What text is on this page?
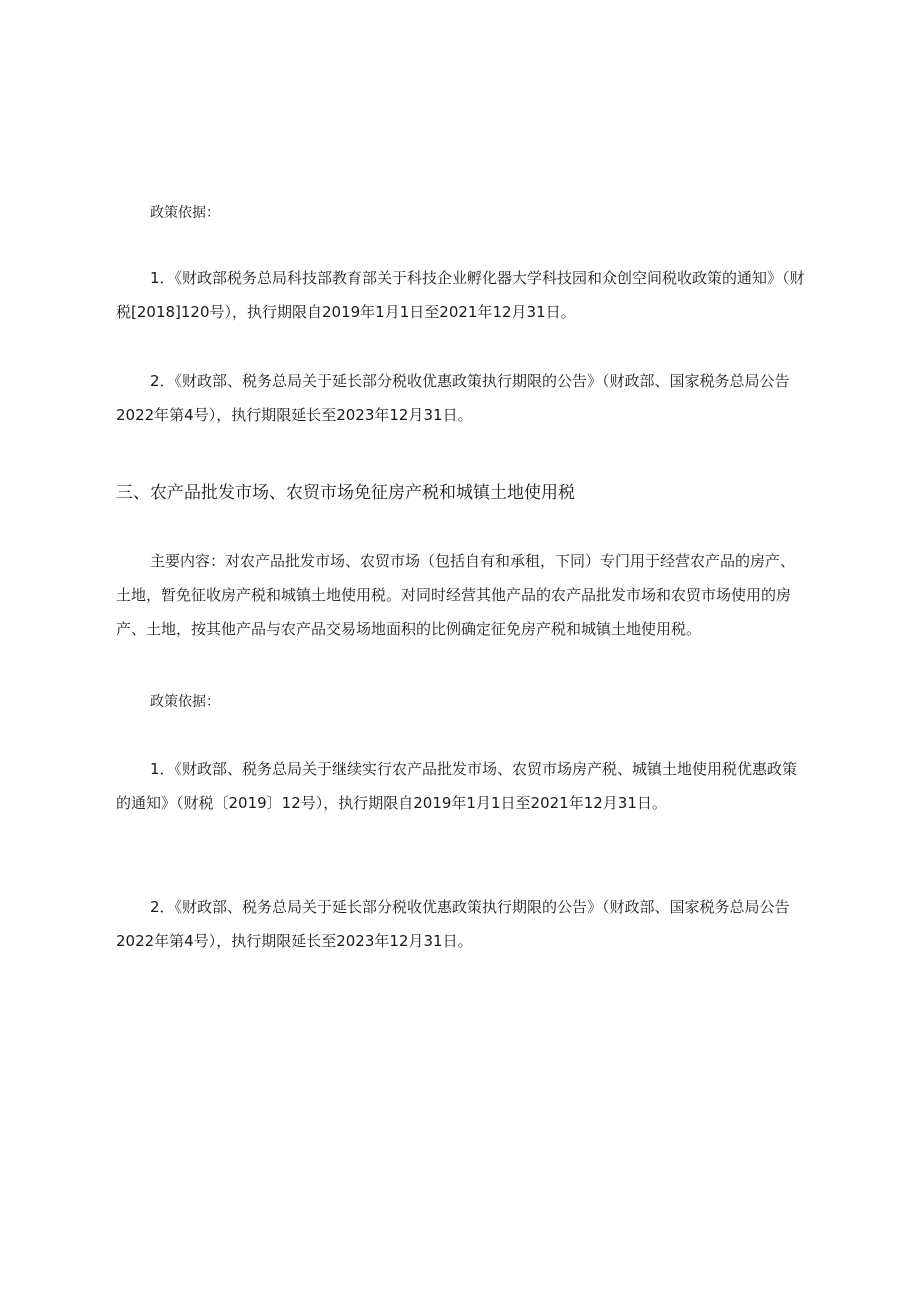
政策依据：

1．《财政部税务总局科技部教育部关于科技企业孵化器大学科技园和众创空间税收政策的通知》（财税[2018]120号），执行期限自2019年1月1日至2021年12月31日。

2．《财政部、税务总局关于延长部分税收优惠政策执行期限的公告》（财政部、国家税务总局公告2022年第4号），执行期限延长至2023年12月31日。

三、农产品批发市场、农贸市场免征房产税和城镇土地使用税

主要内容：对农产品批发市场、农贸市场（包括自有和承租，下同）专门用于经营农产品的房产、土地，暂免征收房产税和城镇土地使用税。对同时经营其他产品的农产品批发市场和农贸市场使用的房产、土地，按其他产品与农产品交易场地面积的比例确定征免房产税和城镇土地使用税。

政策依据：

1．《财政部、税务总局关于继续实行农产品批发市场、农贸市场房产税、城镇土地使用税优惠政策的通知》（财税〔2019〕12号），执行期限自2019年1月1日至2021年12月31日。

2．《财政部、税务总局关于延长部分税收优惠政策执行期限的公告》（财政部、国家税务总局公告2022年第4号），执行期限延长至2023年12月31日。
